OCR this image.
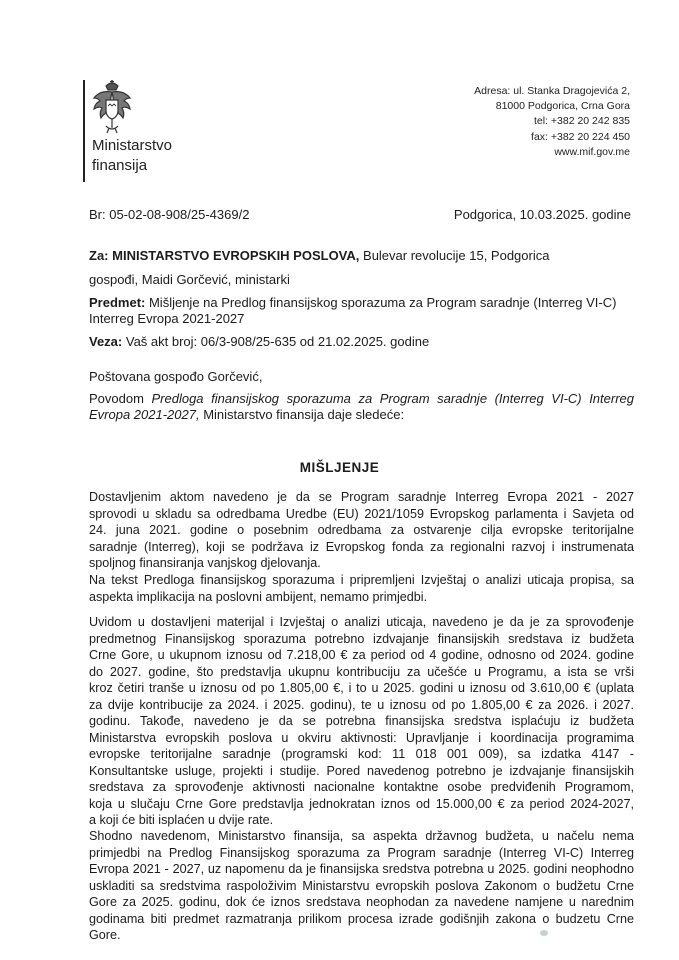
Ministarstvo
finansija
Adresa: ul. Stanka Dragojevića 2,
81000 Podgorica, Crna Gora
tel: +382 20 242 835
fax: +382 20 224 450
www.mif.gov.me
Br: 05-02-08-908/25-4369/2	Podgorica, 10.03.2025. godine
Za: MINISTARSTVO EVROPSKIH POSLOVA, Bulevar revolucije 15, Podgorica
gospođi, Maidi Gorčević, ministarki
Predmet: Mišljenje na Predlog finansijskog sporazuma za Program saradnje (Interreg VI-C)
Interreg Evropa 2021-2027
Veza: Vaš akt broj: 06/3-908/25-635 od 21.02.2025. godine
Poštovana gospođo Gorčević,
Povodom Predloga finansijskog sporazuma za Program saradnje (Interreg VI-C) Interreg
Evropa 2021-2027, Ministarstvo finansija daje sledeće:
MIŠLJENJE
Dostavljenim aktom navedeno je da se Program saradnje Interreg Evropa 2021 - 2027
sprovodi u skladu sa odredbama Uredbe (EU) 2021/1059 Evropskog parlamenta i Savjeta od
24. juna 2021. godine o posebnim odredbama za ostvarenje cilja evropske teritorijalne
saradnje (Interreg), koji se podržava iz Evropskog fonda za regionalni razvoj i instrumenata
spoljnog finansiranja vanjskog djelovanja.
Na tekst Predloga finansijskog sporazuma i pripremljeni Izvještaj o analizi uticaja propisa, sa
aspekta implikacija na poslovni ambijent, nemamo primjedbi.
Uvidom u dostavljeni materijal i Izvještaj o analizi uticaja, navedeno je da je za sprovođenje
predmetnog Finansijskog sporazuma potrebno izdvajanje finansijskih sredstava iz budžeta
Crne Gore, u ukupnom iznosu od 7.218,00 € za period od 4 godine, odnosno od 2024. godine
do 2027. godine, što predstavlja ukupnu kontribuciju za učešće u Programu, a ista se vrši
kroz četiri tranše u iznosu od po 1.805,00 €, i to u 2025. godini u iznosu od 3.610,00 € (uplata
za dvije kontribucije za 2024. i 2025. godinu), te u iznosu od po 1.805,00 € za 2026. i 2027.
godinu. Takođe, navedeno je da se potrebna finansijska sredstva isplaćuju iz budžeta
Ministarstva evropskih poslova u okviru aktivnosti: Upravljanje i koordinacija programima
evropske teritorijalne saradnje (programski kod: 11 018 001 009), sa izdatka 4147 -
Konsultantske usluge, projekti i studije. Pored navedenog potrebno je izdvajanje finansijskih
sredstava za sprovođenje aktivnosti nacionalne kontaktne osobe predviđenih Programom,
koja u slučaju Crne Gore predstavlja jednokratan iznos od 15.000,00 € za period 2024-2027,
a koji će biti isplaćen u dvije rate.
Shodno navedenom, Ministarstvo finansija, sa aspekta državnog budžeta, u načelu nema
primjedbi na Predlog Finansijskog sporazuma za Program saradnje (Interreg VI-C) Interreg
Evropa 2021 - 2027, uz napomenu da je finansijska sredstva potrebna u 2025. godini neophodno
uskladiti sa sredstvima raspoloživim Ministarstvu evropskih poslova Zakonom o budžetu Crne
Gore za 2025. godinu, dok će iznos sredstava neophodan za navedene namjene u narednim
godinama biti predmet razmatranja prilikom procesa izrade godišnjih zakona o budzetu Crne
Gore.
